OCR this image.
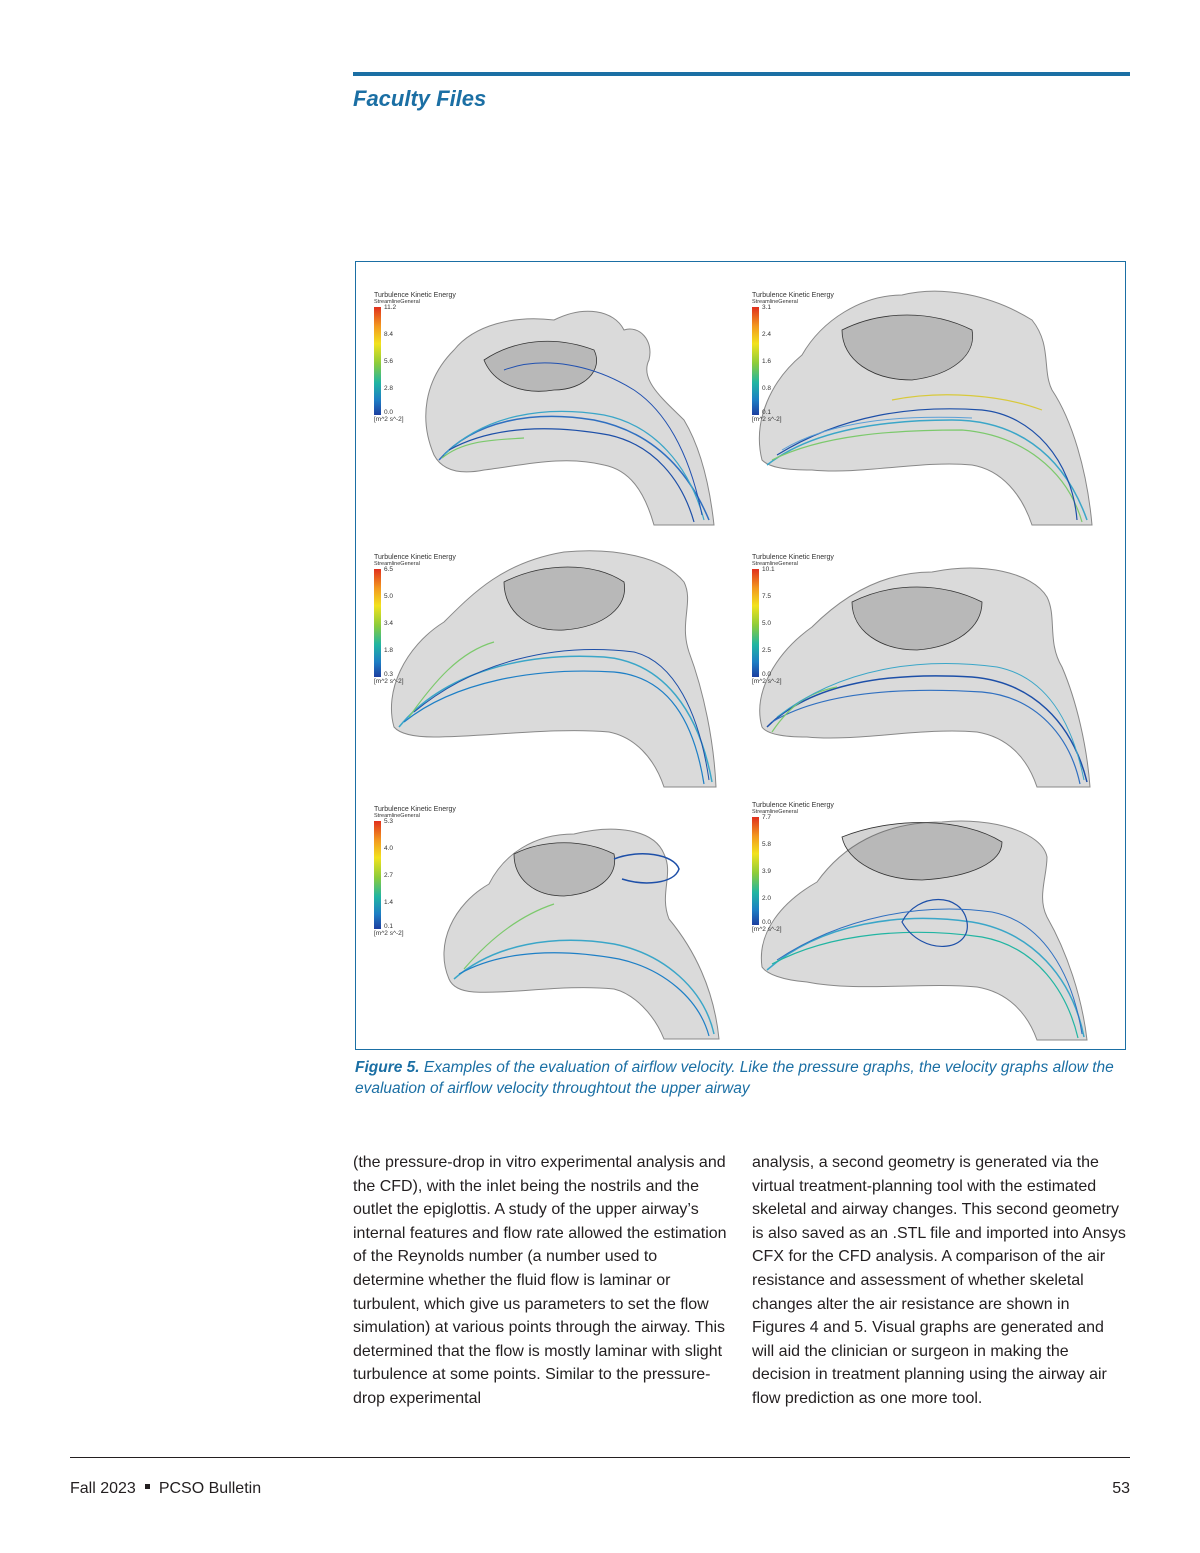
Faculty Files
Turbulence Kinetic Energy
StreamlineGeneral
11.2
8.4
5.6
2.8
0.0
[m^2 s^-2]
Turbulence Kinetic Energy
StreamlineGeneral
3.1
2.4
1.6
0.8
0.1
[m^2 s^-2]
Turbulence Kinetic Energy
StreamlineGeneral
6.5
5.0
3.4
1.8
0.3
[m^2 s^-2]
Turbulence Kinetic Energy
StreamlineGeneral
10.1
7.5
5.0
2.5
0.0
[m^2 s^-2]
Turbulence Kinetic Energy
StreamlineGeneral
5.3
4.0
2.7
1.4
0.1
[m^2 s^-2]
Turbulence Kinetic Energy
StreamlineGeneral
7.7
5.8
3.9
2.0
0.0
[m^2 s^-2]

Figure 5. Examples of the evaluation of airflow velocity. Like the pressure graphs, the velocity graphs allow the evaluation of airflow velocity throughtout the upper airway

(the pressure-drop in vitro experimental analysis and the CFD), with the inlet being the nostrils and the outlet the epiglottis. A study of the upper airway’s internal features and flow rate allowed the estimation of the Reynolds number (a number used to determine whether the fluid flow is laminar or turbulent, which give us parameters to set the flow simulation) at various points through the airway. This determined that the flow is mostly laminar with slight turbulence at some points. Similar to the pressure-drop experimental

analysis, a second geometry is generated via the virtual treatment-planning tool with the estimated skeletal and airway changes. This second geometry is also saved as an .STL file and imported into Ansys CFX for the CFD analysis. A comparison of the air resistance and assessment of whether skeletal changes alter the air resistance are shown in Figures 4 and 5. Visual graphs are generated and will aid the clinician or surgeon in making the decision in treatment planning using the airway air flow prediction as one more tool.

Fall 2023 PCSO Bulletin	53
